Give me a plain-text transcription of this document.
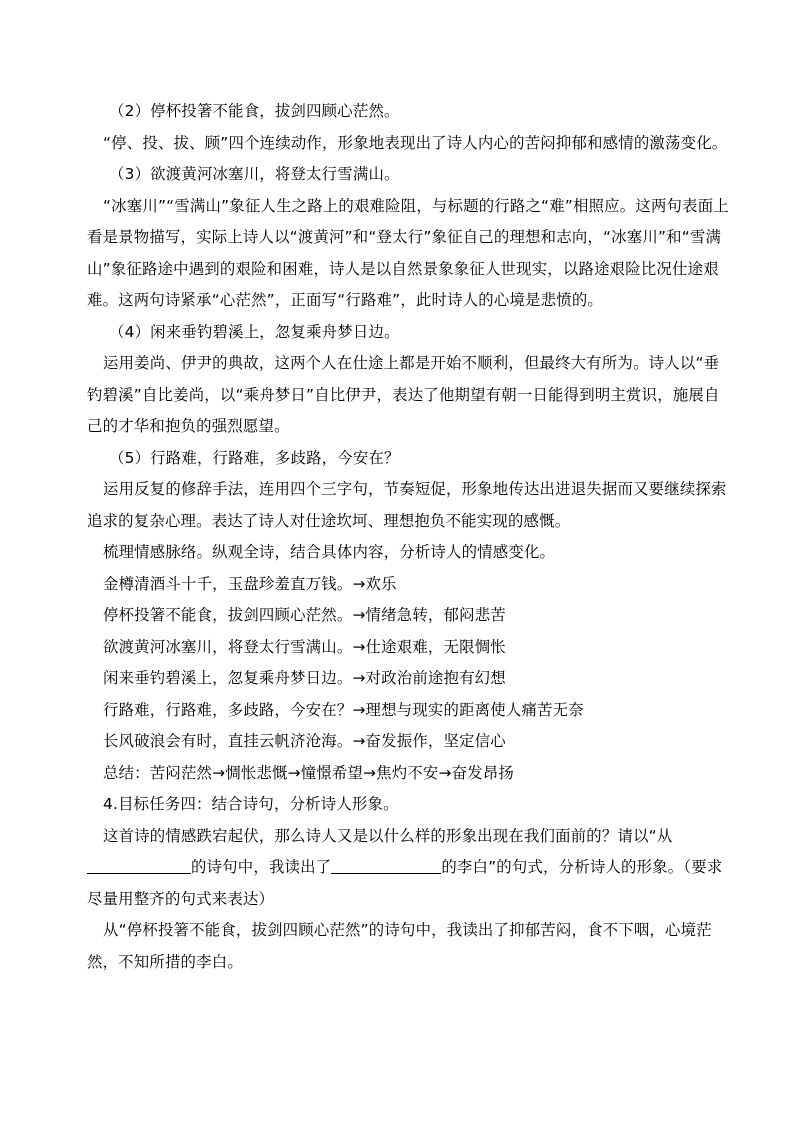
（2）停杯投箸不能食，拔剑四顾心茫然。

“停、投、拔、顾”四个连续动作，形象地表现出了诗人内心的苦闷抑郁和感情的激荡变化。

（3）欲渡黄河冰塞川，将登太行雪满山。

“冰塞川”“雪满山”象征人生之路上的艰难险阻，与标题的行路之“难”相照应。这两句表面上看是景物描写，实际上诗人以“渡黄河”和“登太行”象征自己的理想和志向，“冰塞川”和“雪满山”象征路途中遇到的艰险和困难，诗人是以自然景象象征人世现实，以路途艰险比况仕途艰难。这两句诗紧承“心茫然”，正面写“行路难”，此时诗人的心境是悲愤的。

（4）闲来垂钓碧溪上，忽复乘舟梦日边。

运用姜尚、伊尹的典故，这两个人在仕途上都是开始不顺利，但最终大有所为。诗人以“垂钓碧溪”自比姜尚，以“乘舟梦日”自比伊尹，表达了他期望有朝一日能得到明主赏识，施展自己的才华和抱负的强烈愿望。

（5）行路难，行路难，多歧路，今安在？

运用反复的修辞手法，连用四个三字句，节奏短促，形象地传达出进退失据而又要继续探索追求的复杂心理。表达了诗人对仕途坎坷、理想抱负不能实现的感慨。

梳理情感脉络。纵观全诗，结合具体内容，分析诗人的情感变化。

金樽清酒斗十千，玉盘珍羞直万钱。→欢乐

停杯投箸不能食，拔剑四顾心茫然。→情绪急转，郁闷悲苦

欲渡黄河冰塞川，将登太行雪满山。→仕途艰难，无限惆怅

闲来垂钓碧溪上，忽复乘舟梦日边。→对政治前途抱有幻想

行路难，行路难，多歧路，今安在？→理想与现实的距离使人痛苦无奈

长风破浪会有时，直挂云帆济沧海。→奋发振作，坚定信心

总结：苦闷茫然→惆怅悲慨→憧憬希望→焦灼不安→奋发昂扬

4.目标任务四：结合诗句，分析诗人形象。

这首诗的情感跌宕起伏，那么诗人又是以什么样的形象出现在我们面前的？请以“从的诗句中，我读出了	的李白”的句式，分析诗人的形象。（要求尽量用整齐的句式来表达）

从“停杯投箸不能食，拔剑四顾心茫然”的诗句中，我读出了抑郁苦闷，食不下咽，心境茫然，不知所措的李白。
